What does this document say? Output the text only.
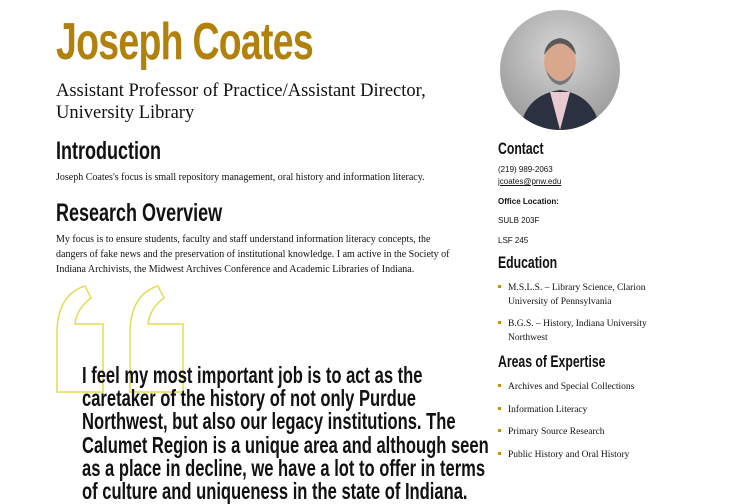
Joseph Coates
Assistant Professor of Practice/Assistant Director, University Library
Introduction
Joseph Coates's focus is small repository management, oral history and information literacy.
Research Overview
My focus is to ensure students, faculty and staff understand information literacy concepts, the dangers of fake news and the preservation of institutional knowledge. I am active in the Society of Indiana Archivists, the Midwest Archives Conference and Academic Libraries of Indiana.
I feel my most important job is to act as the
caretaker of the history of not only Purdue
Northwest, but also our legacy institutions. The
Calumet Region is a unique area and although seen
as a place in decline, we have a lot to offer in terms
of culture and uniqueness in the state of Indiana.
Contact
(219) 989-2063
jcoates@pnw.edu
Office Location:
SULB 203F
LSF 245
Education
M.S.L.S. – Library Science, Clarion University of Pennsylvania
B.G.S. – History, Indiana University Northwest
Areas of Expertise
Archives and Special Collections
Information Literacy
Primary Source Research
Public History and Oral History
